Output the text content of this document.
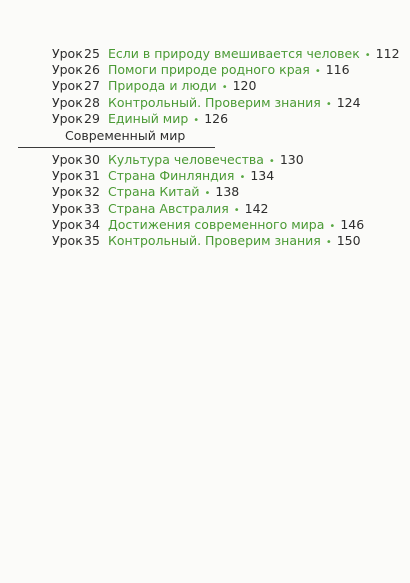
Урок 25 Если в природу вмешивается человек • 112
Урок 26 Помоги природе родного края • 116
Урок 27 Природа и люди • 120
Урок 28 Контрольный. Проверим знания • 124
Урок 29 Единый мир • 126
Современный мир
Урок 30 Культура человечества • 130
Урок 31 Страна Финляндия • 134
Урок 32 Страна Китай • 138
Урок 33 Страна Австралия • 142
Урок 34 Достижения современного мира • 146
Урок 35 Контрольный. Проверим знания • 150
